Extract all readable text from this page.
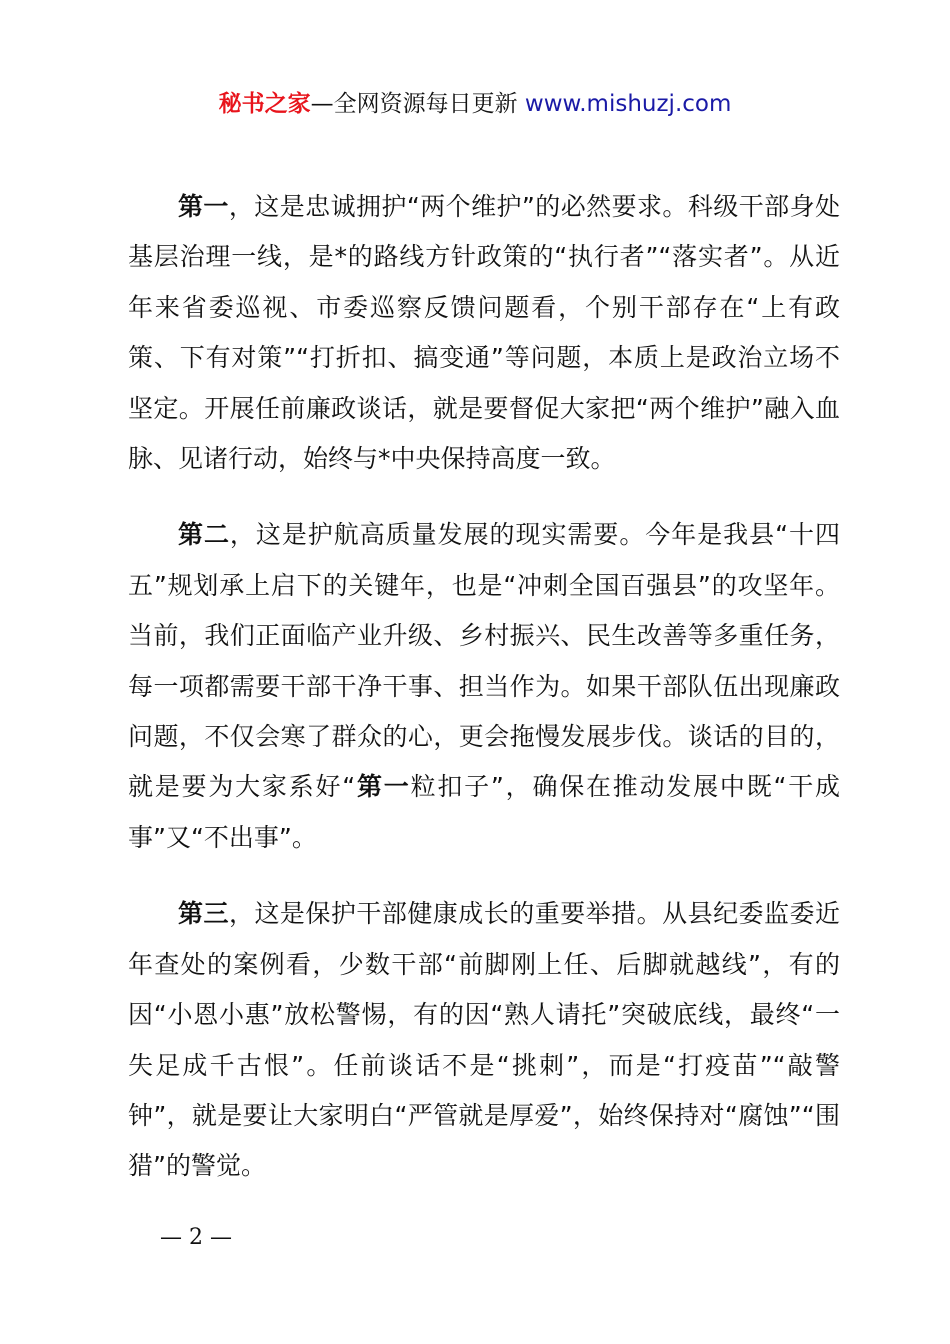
秘书之家—全网资源每日更新 www.mishuzj.com

第一，这是忠诚拥护“两个维护”的必然要求。科级干部身处基层治理一线，是*的路线方针政策的“执行者”“落实者”。从近年来省委巡视、市委巡察反馈问题看，个别干部存在“上有政策、下有对策”“打折扣、搞变通”等问题，本质上是政治立场不坚定。开展任前廉政谈话，就是要督促大家把“两个维护”融入血脉、见诸行动，始终与*中央保持高度一致。

第二，这是护航高质量发展的现实需要。今年是我县“十四五”规划承上启下的关键年，也是“冲刺全国百强县”的攻坚年。当前，我们正面临产业升级、乡村振兴、民生改善等多重任务，每一项都需要干部干净干事、担当作为。如果干部队伍出现廉政问题，不仅会寒了群众的心，更会拖慢发展步伐。谈话的目的，就是要为大家系好“第一粒扣子”，确保在推动发展中既“干成事”又“不出事”。

第三，这是保护干部健康成长的重要举措。从县纪委监委近年查处的案例看，少数干部“前脚刚上任、后脚就越线”，有的因“小恩小惠”放松警惕，有的因“熟人请托”突破底线，最终“一失足成千古恨”。任前谈话不是“挑刺”，而是“打疫苗”“敲警钟”，就是要让大家明白“严管就是厚爱”，始终保持对“腐蚀”“围猎”的警觉。

— 2 —
